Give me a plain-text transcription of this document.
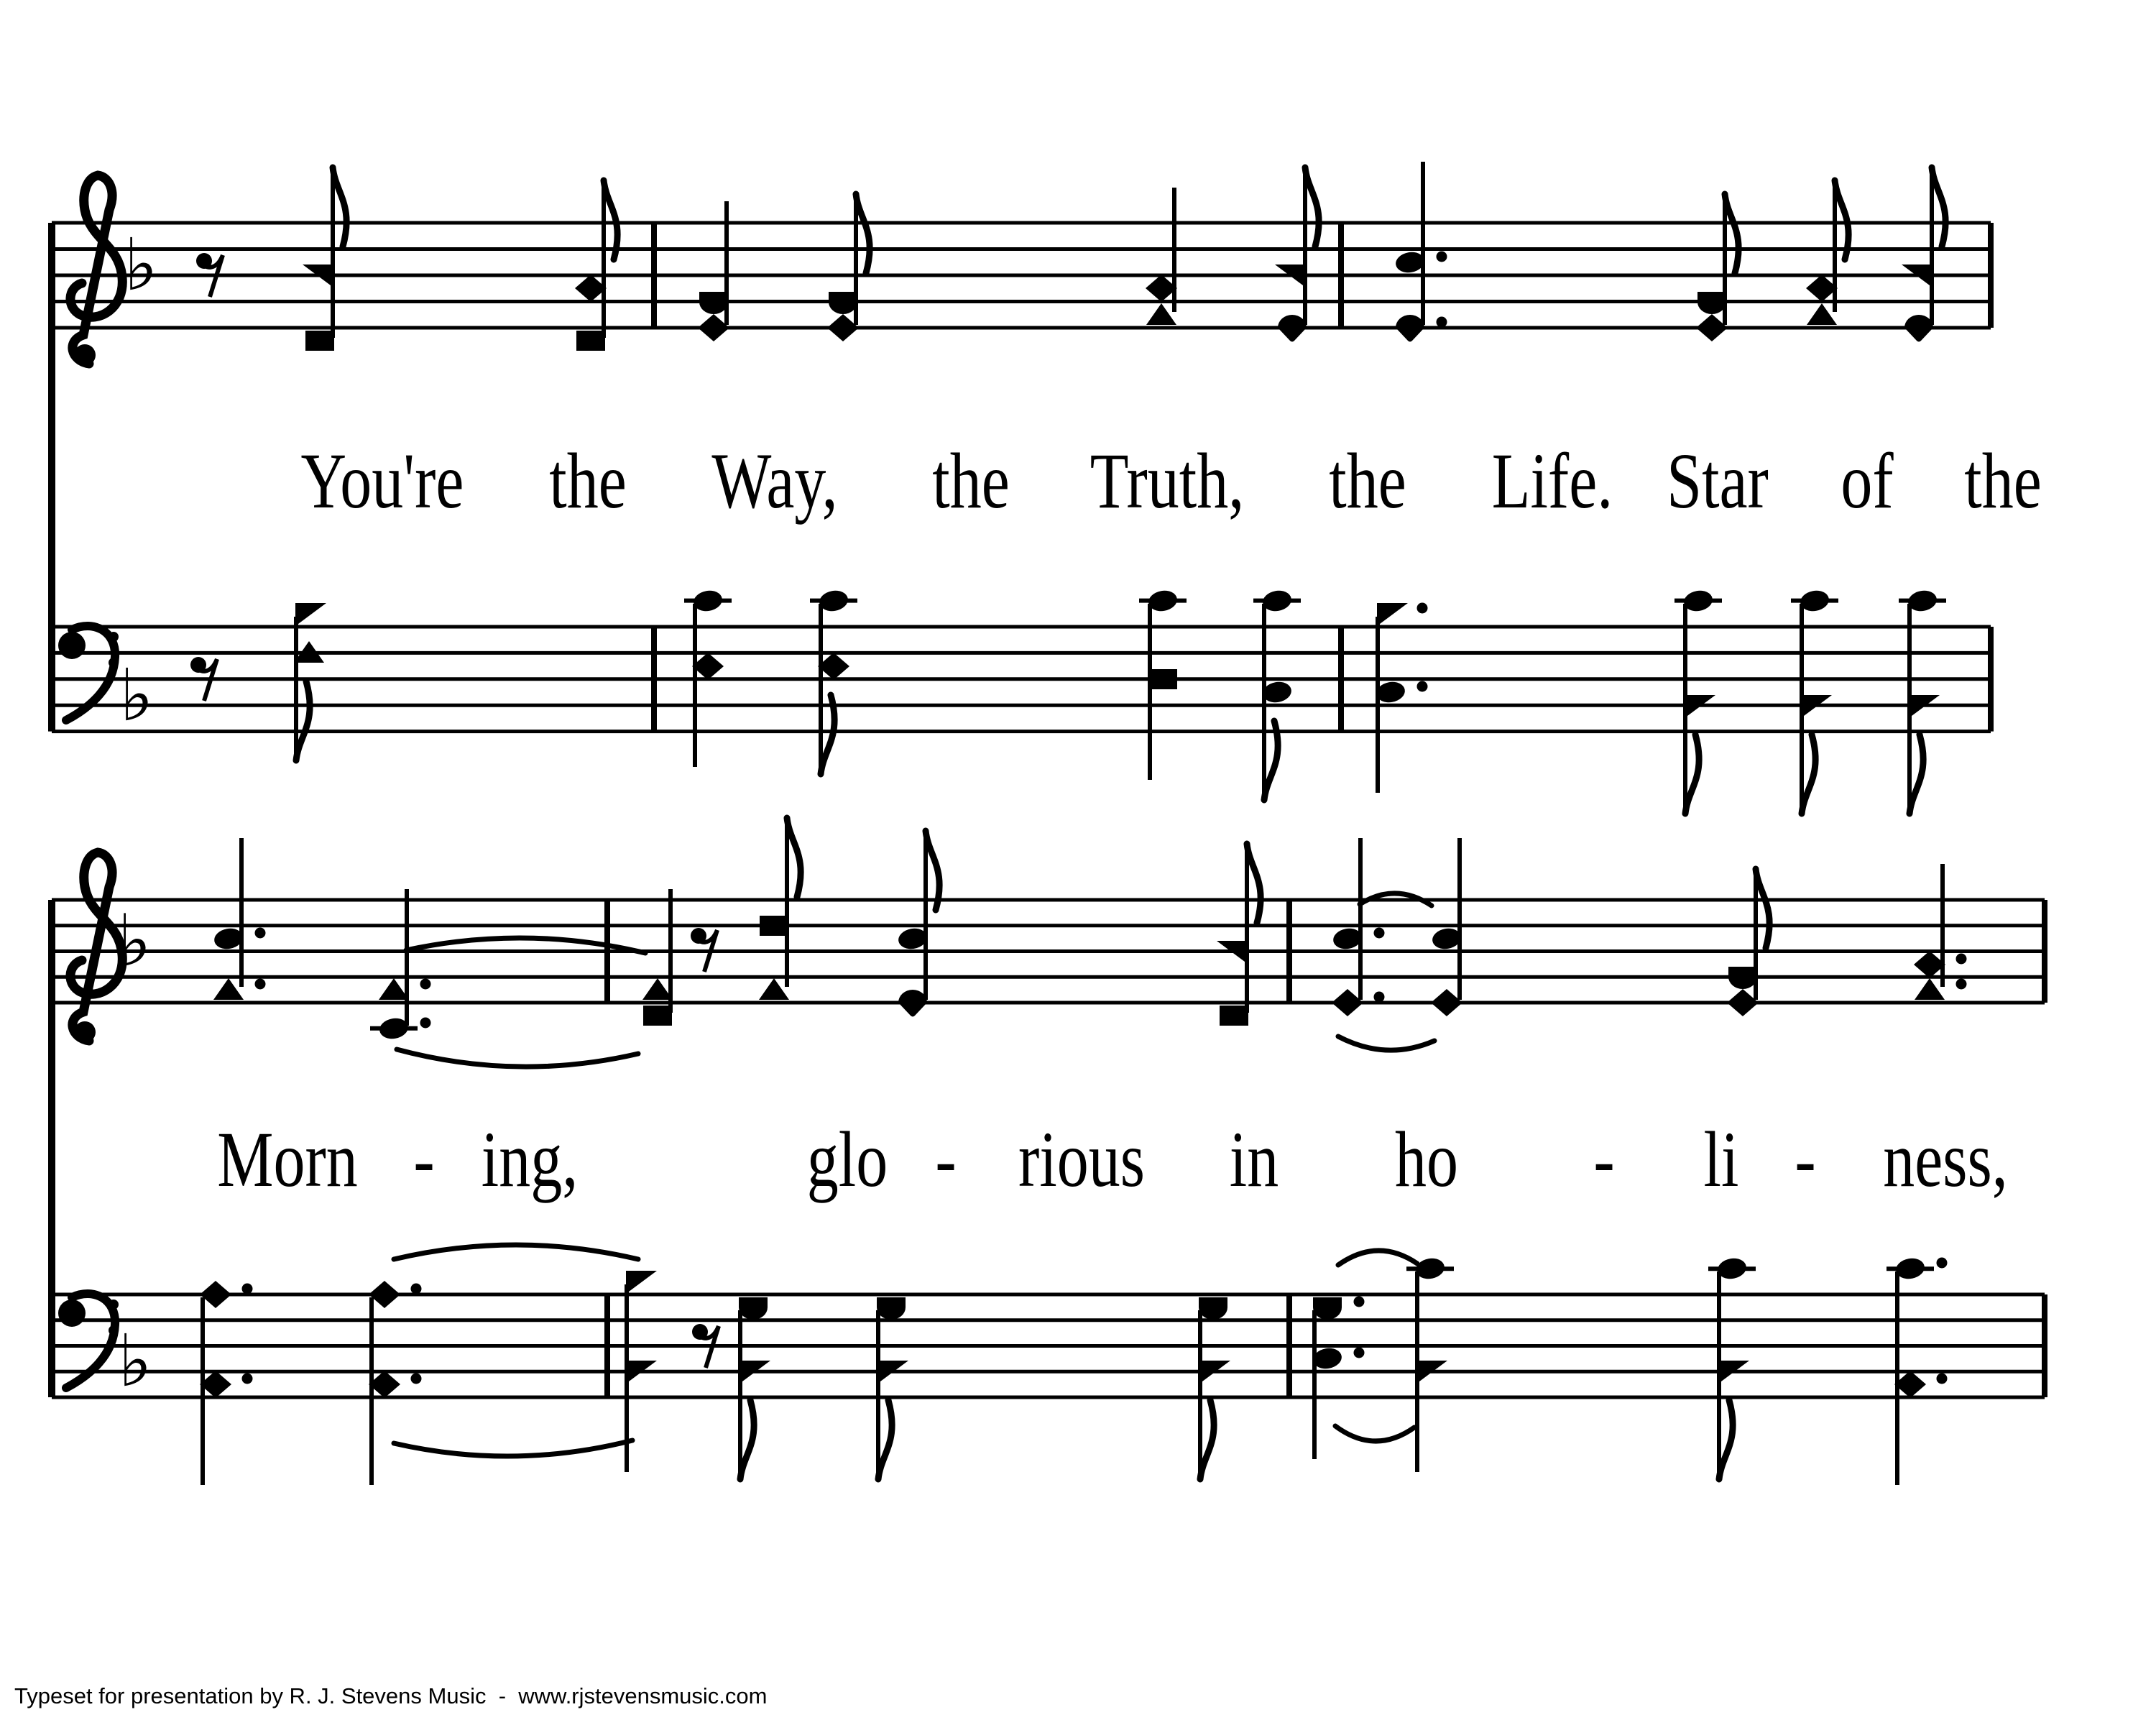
♭
♭
You're the Way, the Truth, the Life. Star of the
♭
♭
Morn - ing,	glo - rious in ho - li - ness,
Typeset for presentation by R. J. Stevens Music  -  www.rjstevensmusic.com
